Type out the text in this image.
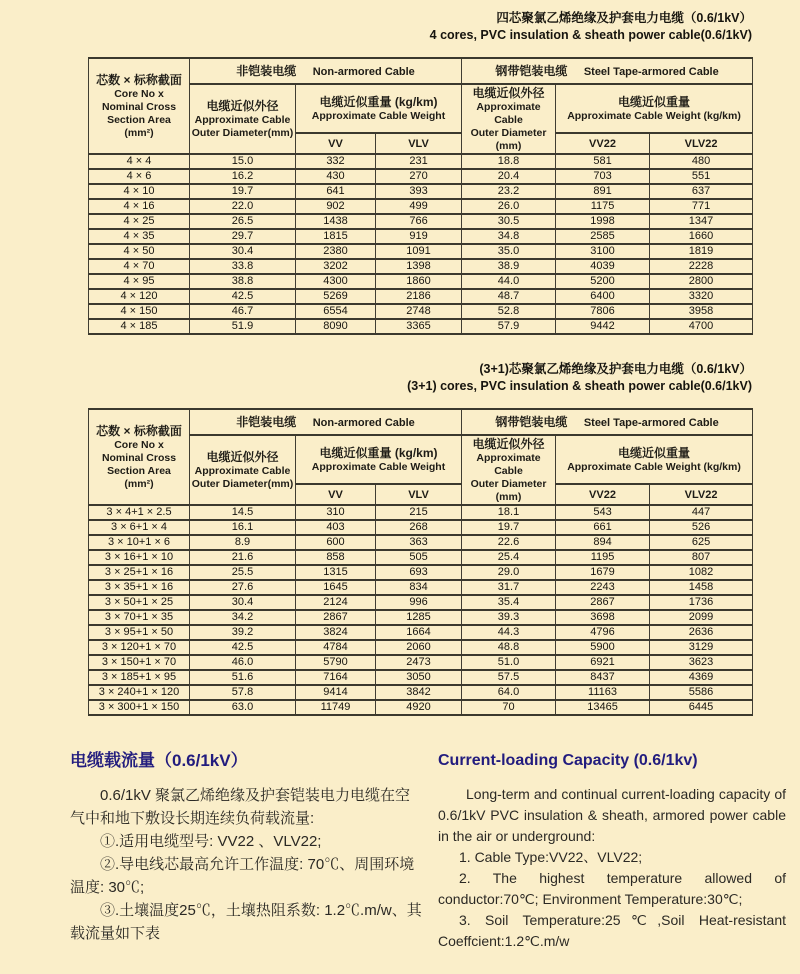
四芯聚氯乙烯绝缘及护套电力电缆（0.6/1kV）
4 cores, PVC insulation & sheath power cable(0.6/1kV)
芯数 × 标称截面
Core No x
Nominal Cross
Section Area
(mm²)	非铠装电缆 Non-armored Cable			钢带铠装电缆 Steel Tape-armored Cable		

电缆近似外径
Approximate Cable
Outer Diameter(mm)

电缆近似重量 (kg/km)
Approximate Cable Weight

电缆近似外径
Approximate Cable
Outer Diameter
(mm)

电缆近似重量
Approximate Cable Weight (kg/km)

		VV	VLV		VV22	VLV22
4 × 4	15.0	332	231	18.8	581	480
4 × 6	16.2	430	270	20.4	703	551
4 × 10	19.7	641	393	23.2	891	637
4 × 16	22.0	902	499	26.0	1175	771
4 × 25	26.5	1438	766	30.5	1998	1347
4 × 35	29.7	1815	919	34.8	2585	1660
4 × 50	30.4	2380	1091	35.0	3100	1819
4 × 70	33.8	3202	1398	38.9	4039	2228
4 × 95	38.8	4300	1860	44.0	5200	2800
4 × 120	42.5	5269	2186	48.7	6400	3320
4 × 150	46.7	6554	2748	52.8	7806	3958
4 × 185	51.9	8090	3365	57.9	9442	4700
(3+1)芯聚氯乙烯绝缘及护套电力电缆（0.6/1kV）
(3+1) cores, PVC insulation & sheath power cable(0.6/1kV)
芯数 × 标称截面
Core No x
Nominal Cross
Section Area
(mm²)	非铠装电缆 Non-armored Cable			钢带铠装电缆 Steel Tape-armored Cable		

电缆近似外径
Approximate Cable
Outer Diameter(mm)

电缆近似重量 (kg/km)
Approximate Cable Weight

电缆近似外径
Approximate Cable
Outer Diameter
(mm)

电缆近似重量
Approximate Cable Weight (kg/km)

		VV	VLV		VV22	VLV22
3 × 4+1 × 2.5	14.5	310	215	18.1	543	447
3 × 6+1 × 4	16.1	403	268	19.7	661	526
3 × 10+1 × 6	8.9	600	363	22.6	894	625
3 × 16+1 × 10	21.6	858	505	25.4	1195	807
3 × 25+1 × 16	25.5	1315	693	29.0	1679	1082
3 × 35+1 × 16	27.6	1645	834	31.7	2243	1458
3 × 50+1 × 25	30.4	2124	996	35.4	2867	1736
3 × 70+1 × 35	34.2	2867	1285	39.3	3698	2099
3 × 95+1 × 50	39.2	3824	1664	44.3	4796	2636
3 × 120+1 × 70	42.5	4784	2060	48.8	5900	3129
3 × 150+1 × 70	46.0	5790	2473	51.0	6921	3623
3 × 185+1 × 95	51.6	7164	3050	57.5	8437	4369
3 × 240+1 × 120	57.8	9414	3842	64.0	11163	5586
3 × 300+1 × 150	63.0	11749	4920	70	13465	6445
电缆载流量（0.6/1kV）

0.6/1kV 聚氯乙烯绝缘及护套铠装电力电缆在空气中和地下敷设长期连续负荷载流量:

①.适用电缆型号: VV22 、VLV22;

②.导电线芯最高允许工作温度: 70℃、周围环境温度: 30℃;

③.土壤温度25℃，土壤热阻系数: 1.2℃.m/w、其载流量如下表

Current-loading Capacity (0.6/1kv)

Long-term and continual current-loading capacity of 0.6/1kV PVC insulation & sheath, armored power cable in the air or underground:

1. Cable Type:VV22、VLV22;

2. The highest temperature allowed of conductor:70℃; Environment Temperature:30℃;

3. Soil Temperature:25℃,Soil Heat-resistant Coeffcient:1.2℃.m/w
